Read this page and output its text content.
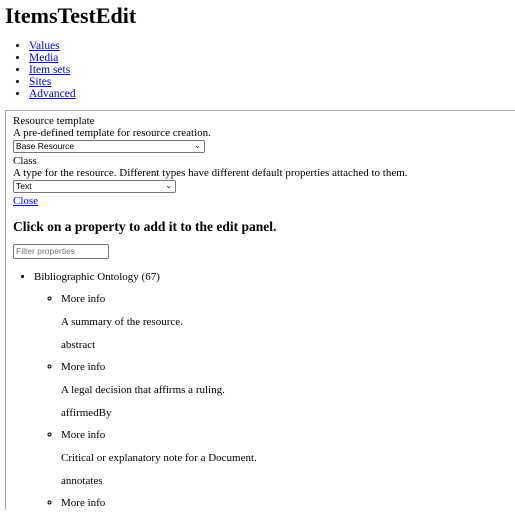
ItemsTestEdit
• Values
• Media
• Item sets
• Sites
• Advanced
Resource template
A pre-defined template for resource creation.
Base Resource	⌄
Class
A type for the resource. Different types have different default properties attached to them.
Text	⌄
Close
Click on a property to add it to the edit panel.
Filter properties
• Bibliographic Ontology (67)
◦ More info
A summary of the resource.
abstract
◦ More info
A legal decision that affirms a ruling.
affirmedBy
◦ More info
Critical or explanatory note for a Document.
annotates
◦ More info
